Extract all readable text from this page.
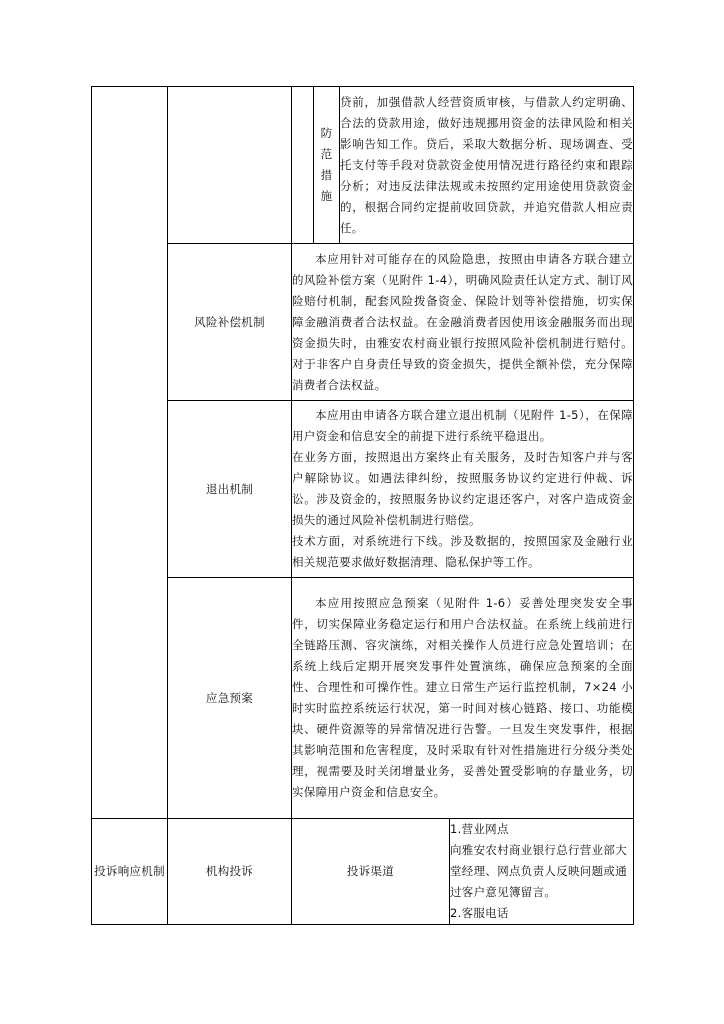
			防
范
措
施	贷前，加强借款人经营资质审核，与借款人约定明确、合法的贷款用途，做好违规挪用资金的法律风险和相关影响告知工作。贷后，采取大数据分析、现场调查、受托支付等手段对贷款资金使用情况进行路径约束和跟踪分析；对违反法律法规或未按照约定用途使用贷款资金的，根据合同约定提前收回贷款，并追究借款人相应责任。	

	风险补偿机制	本应用针对可能存在的风险隐患，按照由申请各方联合建立的风险补偿方案（见附件 1-4），明确风险责任认定方式、制订风险赔付机制，配套风险拨备资金、保险计划等补偿措施，切实保障金融消费者合法权益。在金融消费者因使用该金融服务而出现资金损失时，由雅安农村商业银行按照风险补偿机制进行赔付。对于非客户自身责任导致的资金损失，提供全额补偿，充分保障消费者合法权益。			

	退出机制	本应用由申请各方联合建立退出机制（见附件 1-5），在保障用户资金和信息安全的前提下进行系统平稳退出。

在业务方面，按照退出方案终止有关服务，及时告知客户并与客户解除协议。如遇法律纠纷，按照服务协议约定进行仲裁、诉讼。涉及资金的，按照服务协议约定退还客户，对客户造成资金损失的通过风险补偿机制进行赔偿。

技术方面，对系统进行下线。涉及数据的，按照国家及金融行业相关规范要求做好数据清理、隐私保护等工作。			

	应急预案	本应用按照应急预案（见附件 1-6）妥善处理突发安全事件，切实保障业务稳定运行和用户合法权益。在系统上线前进行全链路压测、容灾演练，对相关操作人员进行应急处置培训；在系统上线后定期开展突发事件处置演练，确保应急预案的全面性、合理性和可操作性。建立日常生产运行监控机制，7×24 小时实时监控系统运行状况，第一时间对核心链路、接口、功能模块、硬件资源等的异常情况进行告警。一旦发生突发事件，根据其影响范围和危害程度，及时采取有针对性措施进行分级分类处理，视需要及时关闭增量业务，妥善处置受影响的存量业务，切实保障用户资金和信息安全。			

投诉响应机制	机构投诉	投诉渠道			1.营业网点

向雅安农村商业银行总行营业部大堂经理、网点负责人反映问题或通过客户意见簿留言。

2.客服电话
